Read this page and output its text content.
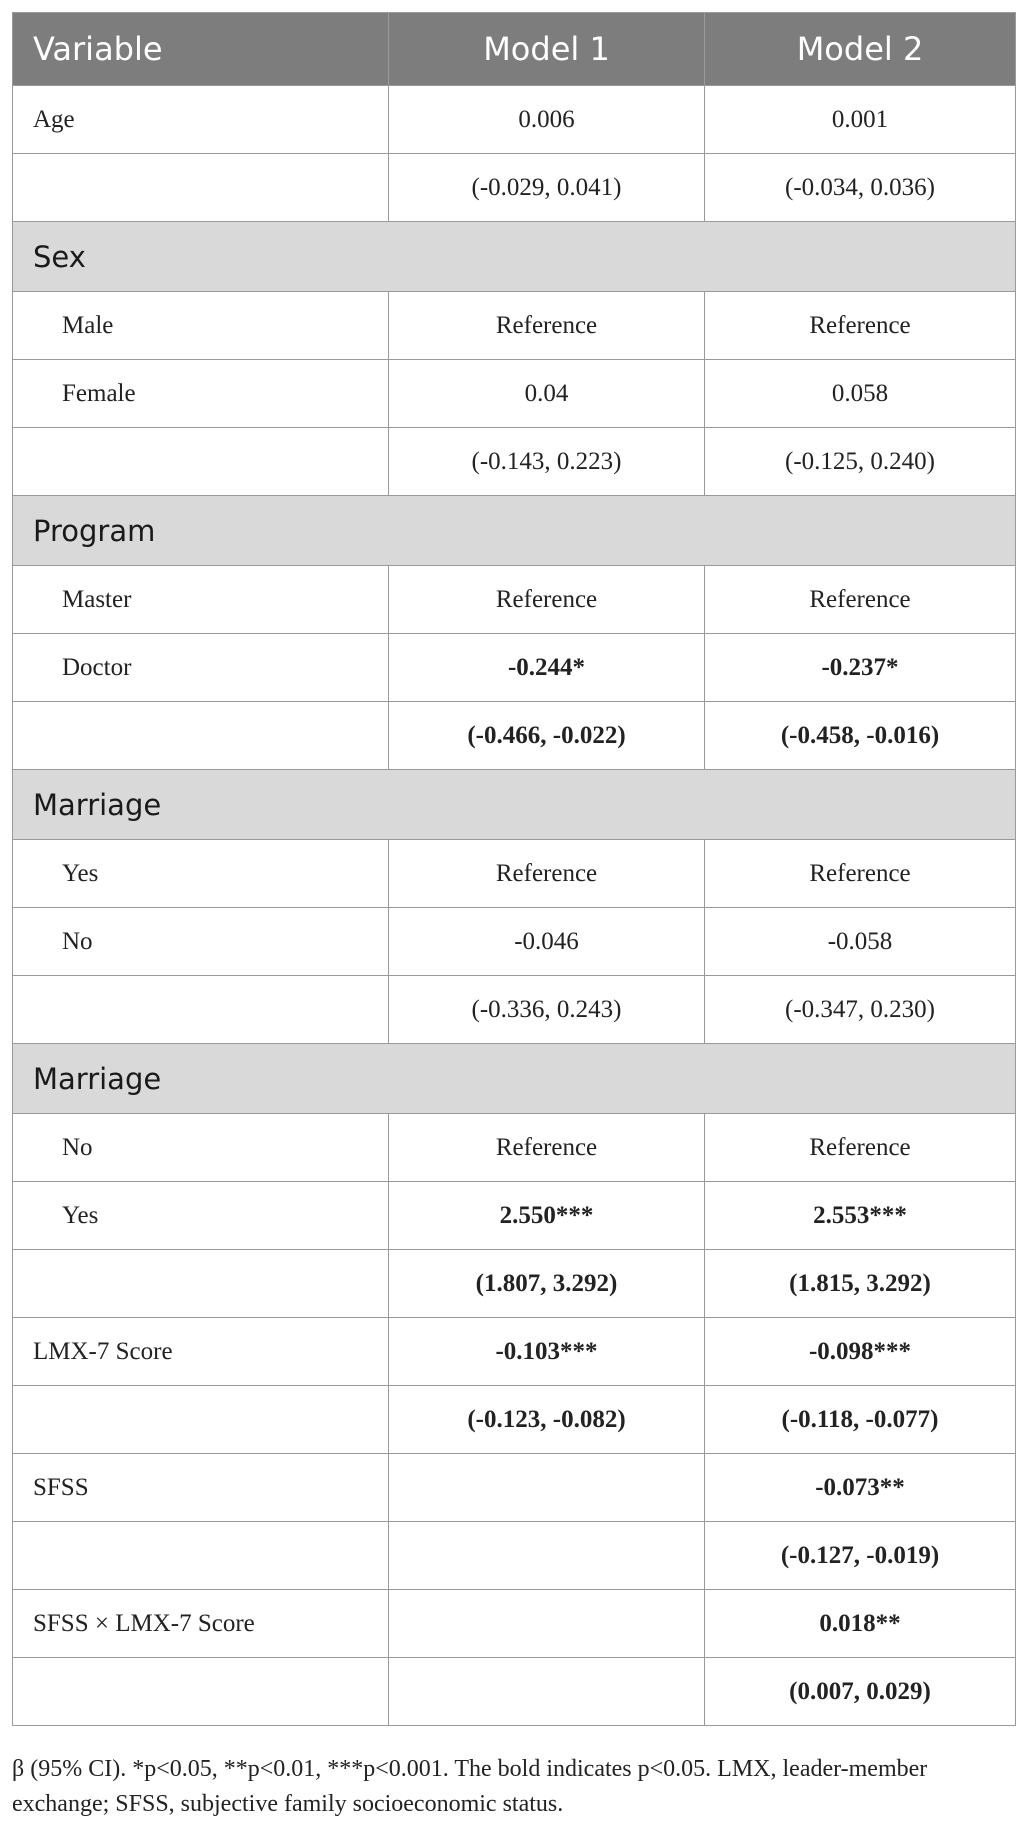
Variable	Model 1	Model 2
Age	0.006	0.001
	(-0.029, 0.041)	(-0.034, 0.036)
Sex		
Male	Reference	Reference
Female	0.04	0.058
	(-0.143, 0.223)	(-0.125, 0.240)
Program		
Master	Reference	Reference
Doctor	-0.244*	-0.237*
	(-0.466, -0.022)	(-0.458, -0.016)
Marriage		
Yes	Reference	Reference
No	-0.046	-0.058
	(-0.336, 0.243)	(-0.347, 0.230)
Marriage		
No	Reference	Reference
Yes	2.550***	2.553***
	(1.807, 3.292)	(1.815, 3.292)
LMX-7 Score	-0.103***	-0.098***
	(-0.123, -0.082)	(-0.118, -0.077)
SFSS		-0.073**
		(-0.127, -0.019)
SFSS × LMX-7 Score		0.018**
		(0.007, 0.029)
β (95% CI). *p<0.05, **p<0.01, ***p<0.001. The bold indicates p<0.05. LMX, leader-member exchange; SFSS, subjective family socioeconomic status.
